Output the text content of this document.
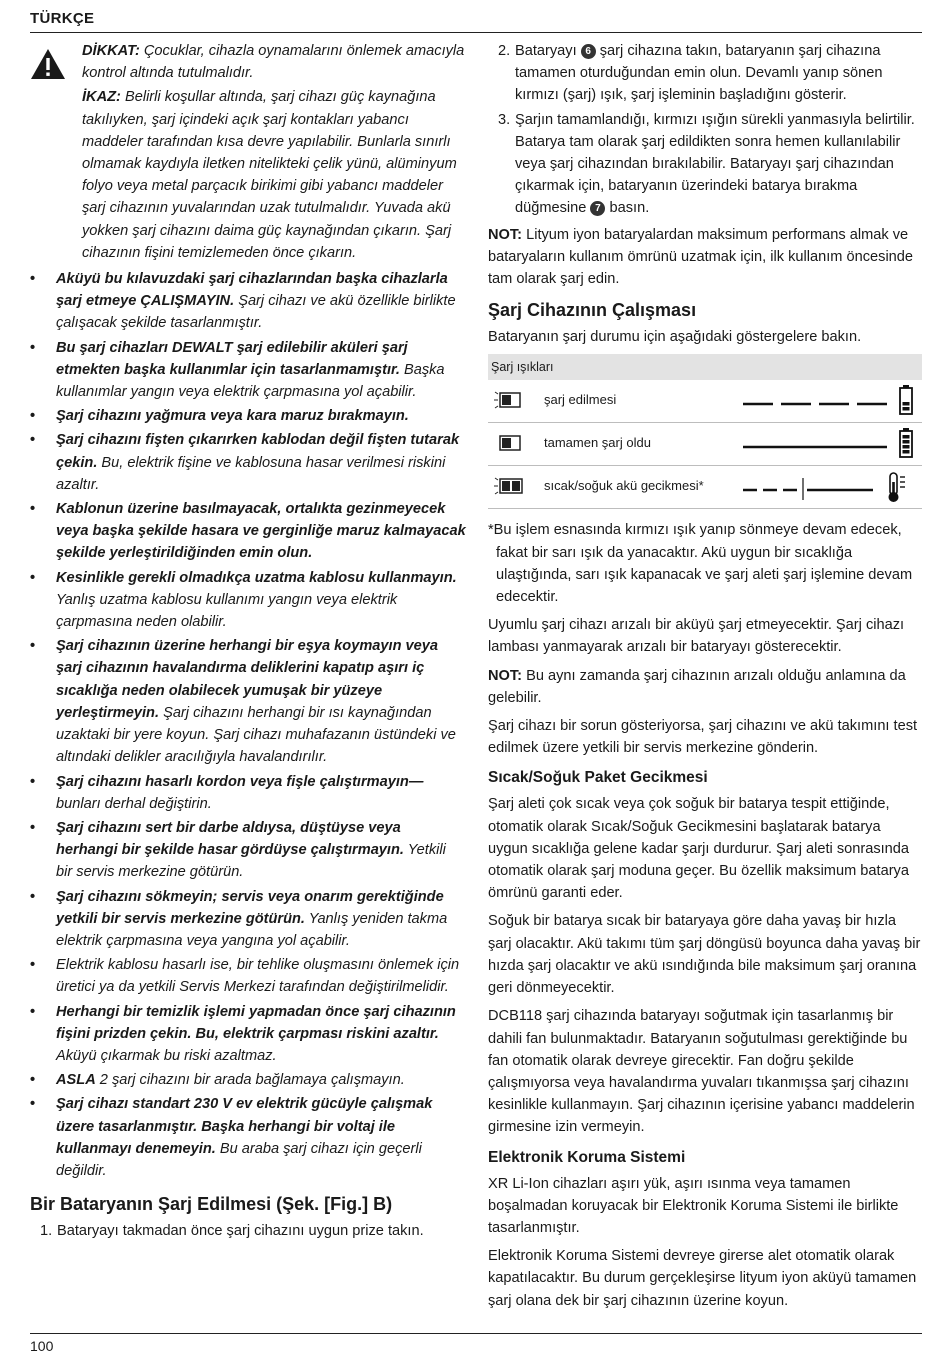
TÜRKÇE
DİKKAT: Çocuklar, cihazla oynamalarını önlemek amacıyla kontrol altında tutulmalıdır.
İKAZ: Belirli koşullar altında, şarj cihazı güç kaynağına takılıyken, şarj içindeki açık şarj kontakları yabancı maddeler tarafından kısa devre yapılabilir. Bunlarla sınırlı olmamak kaydıyla iletken nitelikteki çelik yünü, alüminyum folyo veya metal parçacık birikimi gibi yabancı maddeler şarj cihazının yuvalarından uzak tutulmalıdır. Yuvada akü yokken şarj cihazını daima güç kaynağından çıkarın. Şarj cihazının fişini temizlemeden önce çıkarın.
• Aküyü bu kılavuzdaki şarj cihazlarından başka cihazlarla şarj etmeye ÇALIŞMAYIN. Şarj cihazı ve akü özellikle birlikte çalışacak şekilde tasarlanmıştır.
• Bu şarj cihazları DEWALT şarj edilebilir aküleri şarj etmekten başka kullanımlar için tasarlanmamıştır. Başka kullanımlar yangın veya elektrik çarpmasına yol açabilir.
• Şarj cihazını yağmura veya kara maruz bırakmayın.
• Şarj cihazını fişten çıkarırken kablodan değil fişten tutarak çekin. Bu, elektrik fişine ve kablosuna hasar verilmesi riskini azaltır.
• Kablonun üzerine basılmayacak, ortalıkta gezinmeyecek veya başka şekilde hasara ve gerginliğe maruz kalmayacak şekilde yerleştirildiğinden emin olun.
• Kesinlikle gerekli olmadıkça uzatma kablosu kullanmayın. Yanlış uzatma kablosu kullanımı yangın veya elektrik çarpmasına neden olabilir.
• Şarj cihazının üzerine herhangi bir eşya koymayın veya şarj cihazının havalandırma deliklerini kapatıp aşırı iç sıcaklığa neden olabilecek yumuşak bir yüzeye yerleştirmeyin. Şarj cihazını herhangi bir ısı kaynağından uzaktaki bir yere koyun. Şarj cihazı muhafazanın üstündeki ve altındaki delikler aracılığıyla havalandırılır.
• Şarj cihazını hasarlı kordon veya fişle çalıştırmayın— bunları derhal değiştirin.
• Şarj cihazını sert bir darbe aldıysa, düştüyse veya herhangi bir şekilde hasar gördüyse çalıştırmayın. Yetkili bir servis merkezine götürün.
• Şarj cihazını sökmeyin; servis veya onarım gerektiğinde yetkili bir servis merkezine götürün. Yanlış yeniden takma elektrik çarpmasına veya yangına yol açabilir.
• Elektrik kablosu hasarlı ise, bir tehlike oluşmasını önlemek için üretici ya da yetkili Servis Merkezi tarafından değiştirilmelidir.
• Herhangi bir temizlik işlemi yapmadan önce şarj cihazının fişini prizden çekin. Bu, elektrik çarpması riskini azaltır. Aküyü çıkarmak bu riski azaltmaz.
• ASLA 2 şarj cihazını bir arada bağlamaya çalışmayın.
• Şarj cihazı standart 230 V ev elektrik gücüyle çalışmak üzere tasarlanmıştır. Başka herhangi bir voltaj ile kullanmayı denemeyin. Bu araba şarj cihazı için geçerli değildir.
Bir Bataryanın Şarj Edilmesi (Şek. [Fig.] B)
1. Bataryayı takmadan önce şarj cihazını uygun prize takın.
2. Bataryayı 6 şarj cihazına takın, bataryanın şarj cihazına tamamen oturduğundan emin olun. Devamlı yanıp sönen kırmızı (şarj) ışık, şarj işleminin başladığını gösterir.
3. Şarjın tamamlandığı, kırmızı ışığın sürekli yanmasıyla belirtilir. Batarya tam olarak şarj edildikten sonra hemen kullanılabilir veya şarj cihazından bırakılabilir. Bataryayı şarj cihazından çıkarmak için, bataryanın üzerindeki batarya bırakma düğmesine 7 basın.

NOT: Lityum iyon bataryalardan maksimum performans almak ve bataryaların kullanım ömrünü uzatmak için, ilk kullanım öncesinde tam olarak şarj edin.

Şarj Cihazının Çalışması

Bataryanın şarj durumu için aşağıdaki göstergelere bakın.

Şarj ışıkları
şarj edilmesi
tamamen şarj oldu
sıcak/soğuk akü gecikmesi*

*Bu işlem esnasında kırmızı ışık yanıp sönmeye devam edecek, fakat bir sarı ışık da yanacaktır. Akü uygun bir sıcaklığa ulaştığında, sarı ışık kapanacak ve şarj aleti şarj işlemine devam edecektir.

Uyumlu şarj cihazı arızalı bir aküyü şarj etmeyecektir. Şarj cihazı lambası yanmayarak arızalı bir bataryayı gösterecektir.

NOT: Bu aynı zamanda şarj cihazının arızalı olduğu anlamına da gelebilir.

Şarj cihazı bir sorun gösteriyorsa, şarj cihazını ve akü takımını test edilmek üzere yetkili bir servis merkezine gönderin.

Sıcak/Soğuk Paket Gecikmesi

Şarj aleti çok sıcak veya çok soğuk bir batarya tespit ettiğinde, otomatik olarak Sıcak/Soğuk Gecikmesini başlatarak batarya uygun sıcaklığa gelene kadar şarjı durdurur. Şarj aleti sonrasında otomatik olarak şarj moduna geçer. Bu özellik maksimum batarya ömrünü garanti eder.

Soğuk bir batarya sıcak bir bataryaya göre daha yavaş bir hızla şarj olacaktır. Akü takımı tüm şarj döngüsü boyunca daha yavaş bir hızda şarj olacaktır ve akü ısındığında bile maksimum şarj oranına geri dönmeyecektir.

DCB118 şarj cihazında bataryayı soğutmak için tasarlanmış bir dahili fan bulunmaktadır. Bataryanın soğutulması gerektiğinde bu fan otomatik olarak devreye girecektir. Fan doğru şekilde çalışmıyorsa veya havalandırma yuvaları tıkanmışsa şarj cihazını kesinlikle kullanmayın. Şarj cihazının içerisine yabancı maddelerin girmesine izin vermeyin.

Elektronik Koruma Sistemi

XR Li-Ion cihazları aşırı yük, aşırı ısınma veya tamamen boşalmadan koruyacak bir Elektronik Koruma Sistemi ile birlikte tasarlanmıştır.

Elektronik Koruma Sistemi devreye girerse alet otomatik olarak kapatılacaktır. Bu durum gerçekleşirse lityum iyon aküyü tamamen şarj olana dek bir şarj cihazının üzerine koyun.

100
